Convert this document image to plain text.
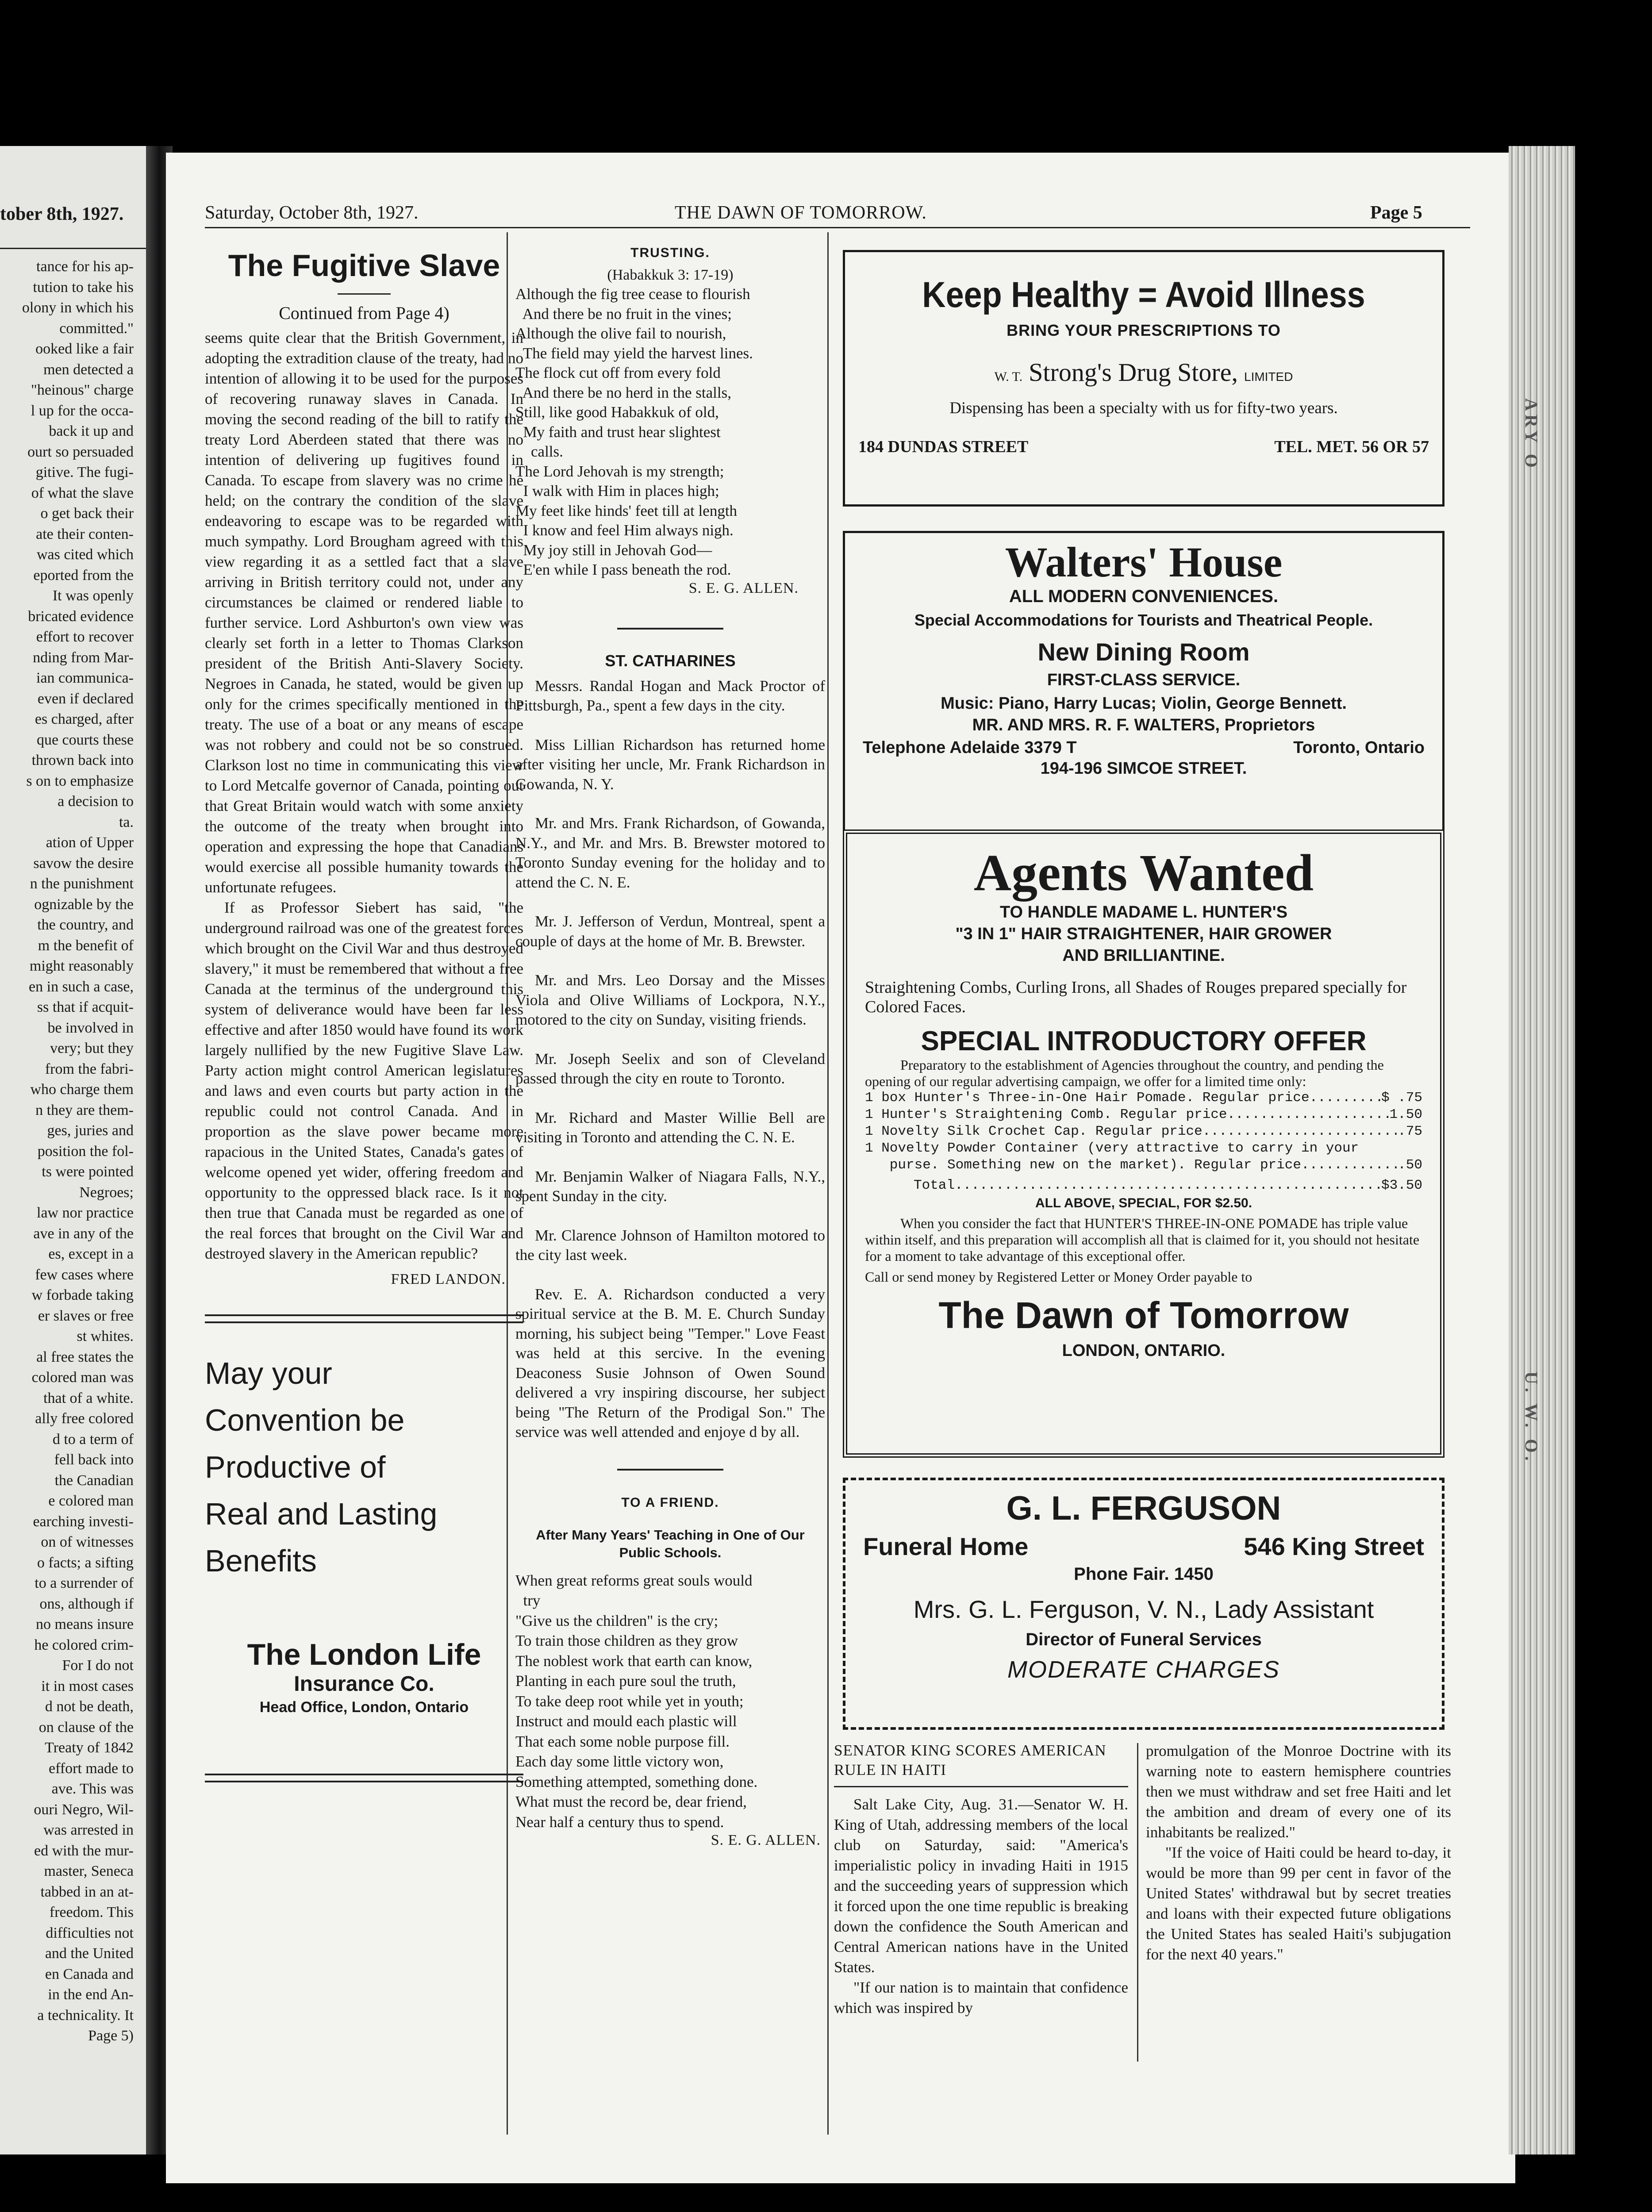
tober 8th, 1927.
tance for his ap-
tution to take his
olony in which his
committed."
ooked like a fair
men detected a
"heinous" charge
l up for the occa-
back it up and
ourt so persuaded
gitive. The fugi-
of what the slave
o get back their
ate their conten-
was cited which
eported from the
It was openly
bricated evidence
effort to recover
nding from Mar-
ian communica-
even if declared
es charged, after
que courts these
thrown back into
s on to emphasize
a decision to
ta.
ation of Upper
savow the desire
n the punishment
ognizable by the
the country, and
m the benefit of
might reasonably
en in such a case,
ss that if acquit-
be involved in
very; but they
from the fabri-
who charge them
n they are them-
ges, juries and
position the fol-
ts were pointed
Negroes;
law nor practice
ave in any of the
es, except in a
few cases where
w forbade taking
er slaves or free
st whites.
al free states the
colored man was
that of a white.
ally free colored
d to a term of
fell back into
the Canadian
e colored man
earching investi-
on of witnesses
o facts; a sifting
to a surrender of
ons, although if
no means insure
he colored crim-
For I do not
it in most cases
d not be death,
on clause of the
Treaty of 1842
effort made to
ave. This was
ouri Negro, Wil-
was arrested in
ed with the mur-
master, Seneca
tabbed in an at-
freedom. This
difficulties not
and the United
en Canada and
in the end An-
a technicality. It
Page 5)
Saturday, October 8th, 1927.	THE DAWN OF TOMORROW.	Page 5
The Fugitive Slave
Continued from Page 4)

seems quite clear that the British Government, in adopting the extradition clause of the treaty, had no intention of allowing it to be used for the purposes of recovering runaway slaves in Canada. In moving the second reading of the bill to ratify the treaty Lord Aberdeen stated that there was no intention of delivering up fugitives found in Canada. To escape from slavery was no crime he held; on the contrary the condition of the slave endeavoring to escape was to be regarded with much sympathy. Lord Brougham agreed with this view regarding it as a settled fact that a slave arriving in British territory could not, under any circumstances be claimed or rendered liable to further service. Lord Ashburton's own view was clearly set forth in a letter to Thomas Clarkson president of the British Anti-Slavery Society. Negroes in Canada, he stated, would be given up only for the crimes specifically mentioned in the treaty. The use of a boat or any means of escape was not robbery and could not be so construed. Clarkson lost no time in communicating this view to Lord Metcalfe governor of Canada, pointing out that Great Britain would watch with some anxiety the outcome of the treaty when brought into operation and expressing the hope that Canadians would exercise all possible humanity towards the unfortunate refugees.

If as Professor Siebert has said, "the underground railroad was one of the greatest forces which brought on the Civil War and thus destroyed slavery," it must be remembered that without a free Canada at the terminus of the underground this system of deliverance would have been far less effective and after 1850 would have found its work largely nullified by the new Fugitive Slave Law. Party action might control American legislatures and laws and even courts but party action in the republic could not control Canada. And in proportion as the slave power became more rapacious in the United States, Canada's gates of welcome opened yet wider, offering freedom and opportunity to the oppressed black race. Is it not then true that Canada must be regarded as one of the real forces that brought on the Civil War and destroyed slavery in the American republic?

FRED LANDON.
May your
Convention be
Productive of
Real and Lasting
Benefits
The London Life
Insurance Co.
Head Office, London, Ontario
TRUSTING.
(Habakkuk 3: 17-19)
Although the fig tree cease to flourish
And there be no fruit in the vines;
Although the olive fail to nourish,
The field may yield the harvest lines.
The flock cut off from every fold
And there be no herd in the stalls,
Still, like good Habakkuk of old,
My faith and trust hear slightest
calls.
The Lord Jehovah is my strength;
I walk with Him in places high;
My feet like hinds' feet till at length
I know and feel Him always nigh.
My joy still in Jehovah God—
E'en while I pass beneath the rod.
S. E. G. ALLEN.
ST. CATHARINES

Messrs. Randal Hogan and Mack Proctor of Pittsburgh, Pa., spent a few days in the city.

Miss Lillian Richardson has returned home after visiting her uncle, Mr. Frank Richardson in Gowanda, N. Y.

Mr. and Mrs. Frank Richardson, of Gowanda, N.Y., and Mr. and Mrs. B. Brewster motored to Toronto Sunday evening for the holiday and to attend the C. N. E.

Mr. J. Jefferson of Verdun, Montreal, spent a couple of days at the home of Mr. B. Brewster.

Mr. and Mrs. Leo Dorsay and the Misses Viola and Olive Williams of Lockpora, N.Y., motored to the city on Sunday, visiting friends.

Mr. Joseph Seelix and son of Cleveland passed through the city en route to Toronto.

Mr. Richard and Master Willie Bell are visiting in Toronto and attending the C. N. E.

Mr. Benjamin Walker of Niagara Falls, N.Y., spent Sunday in the city.

Mr. Clarence Johnson of Hamilton motored to the city last week.

Rev. E. A. Richardson conducted a very spiritual service at the B. M. E. Church Sunday morning, his subject being "Temper." Love Feast was held at this sercive. In the evening Deaconess Susie Johnson of Owen Sound delivered a vry inspiring discourse, her subject being "The Return of the Prodigal Son." The service was well attended and enjoye d by all.

TO A FRIEND.
After Many Years' Teaching in One of Our Public Schools.
When great reforms great souls would
try
"Give us the children" is the cry;
To train those children as they grow
The noblest work that earth can know,
Planting in each pure soul the truth,
To take deep root while yet in youth;
Instruct and mould each plastic will
That each some noble purpose fill.
Each day some little victory won,
Something attempted, something done.
What must the record be, dear friend,
Near half a century thus to spend.
S. E. G. ALLEN.
Keep Healthy = Avoid Illness
BRING YOUR PRESCRIPTIONS TO
W. T. Strong's Drug Store, LIMITED
Dispensing has been a specialty with us for fifty-two years.
184 DUNDAS STREET	TEL. MET. 56 OR 57
Walters' House
ALL MODERN CONVENIENCES.
Special Accommodations for Tourists and Theatrical People.
New Dining Room
FIRST-CLASS SERVICE.
Music: Piano, Harry Lucas; Violin, George Bennett.
MR. AND MRS. R. F. WALTERS, Proprietors
Telephone Adelaide 3379 T	Toronto, Ontario
194-196 SIMCOE STREET.
Agents Wanted
TO HANDLE MADAME L. HUNTER'S
"3 IN 1" HAIR STRAIGHTENER, HAIR GROWER
AND BRILLIANTINE.
Straightening Combs, Curling Irons, all Shades of Rouges prepared specially for Colored Faces.
SPECIAL INTRODUCTORY OFFER
Preparatory to the establishment of Agencies throughout the country, and pending the opening of our regular advertising campaign, we offer for a limited time only:
1 box Hunter's Three-in-One Hair Pomade. Regular price .....	$ .75
1 Hunter's Straightening Comb. Regular price .....	1.50
1 Novelty Silk Crochet Cap. Regular price .....	.75
1 Novelty Powder Container (very attractive to carry in your
purse. Something new on the market). Regular price .....	.50
Total .....	$3.50
ALL ABOVE, SPECIAL, FOR $2.50.
When you consider the fact that HUNTER'S THREE-IN-ONE POMADE has triple value within itself, and this preparation will accomplish all that is claimed for it, you should not hesitate for a moment to take advantage of this exceptional offer.
Call or send money by Registered Letter or Money Order payable to
The Dawn of Tomorrow
LONDON, ONTARIO.
G. L. FERGUSON
Funeral Home	546 King Street
Phone Fair. 1450
Mrs. G. L. Ferguson, V. N., Lady Assistant
Director of Funeral Services
MODERATE CHARGES
SENATOR KING SCORES AMERICAN RULE IN HAITI

Salt Lake City, Aug. 31.—Senator W. H. King of Utah, addressing members of the local club on Saturday, said: "America's imperialistic policy in invading Haiti in 1915 and the succeeding years of suppression which it forced upon the one time republic is breaking down the confidence the South American and Central American nations have in the United States.

"If our nation is to maintain that confidence which was inspired by

promulgation of the Monroe Doctrine with its warning note to eastern hemisphere countries then we must withdraw and set free Haiti and let the ambition and dream of every one of its inhabitants be realized."

"If the voice of Haiti could be heard to-day, it would be more than 99 per cent in favor of the United States' withdrawal but by secret treaties and loans with their expected future obligations the United States has sealed Haiti's subjugation for the next 40 years."

ARY O
U. W. O.
